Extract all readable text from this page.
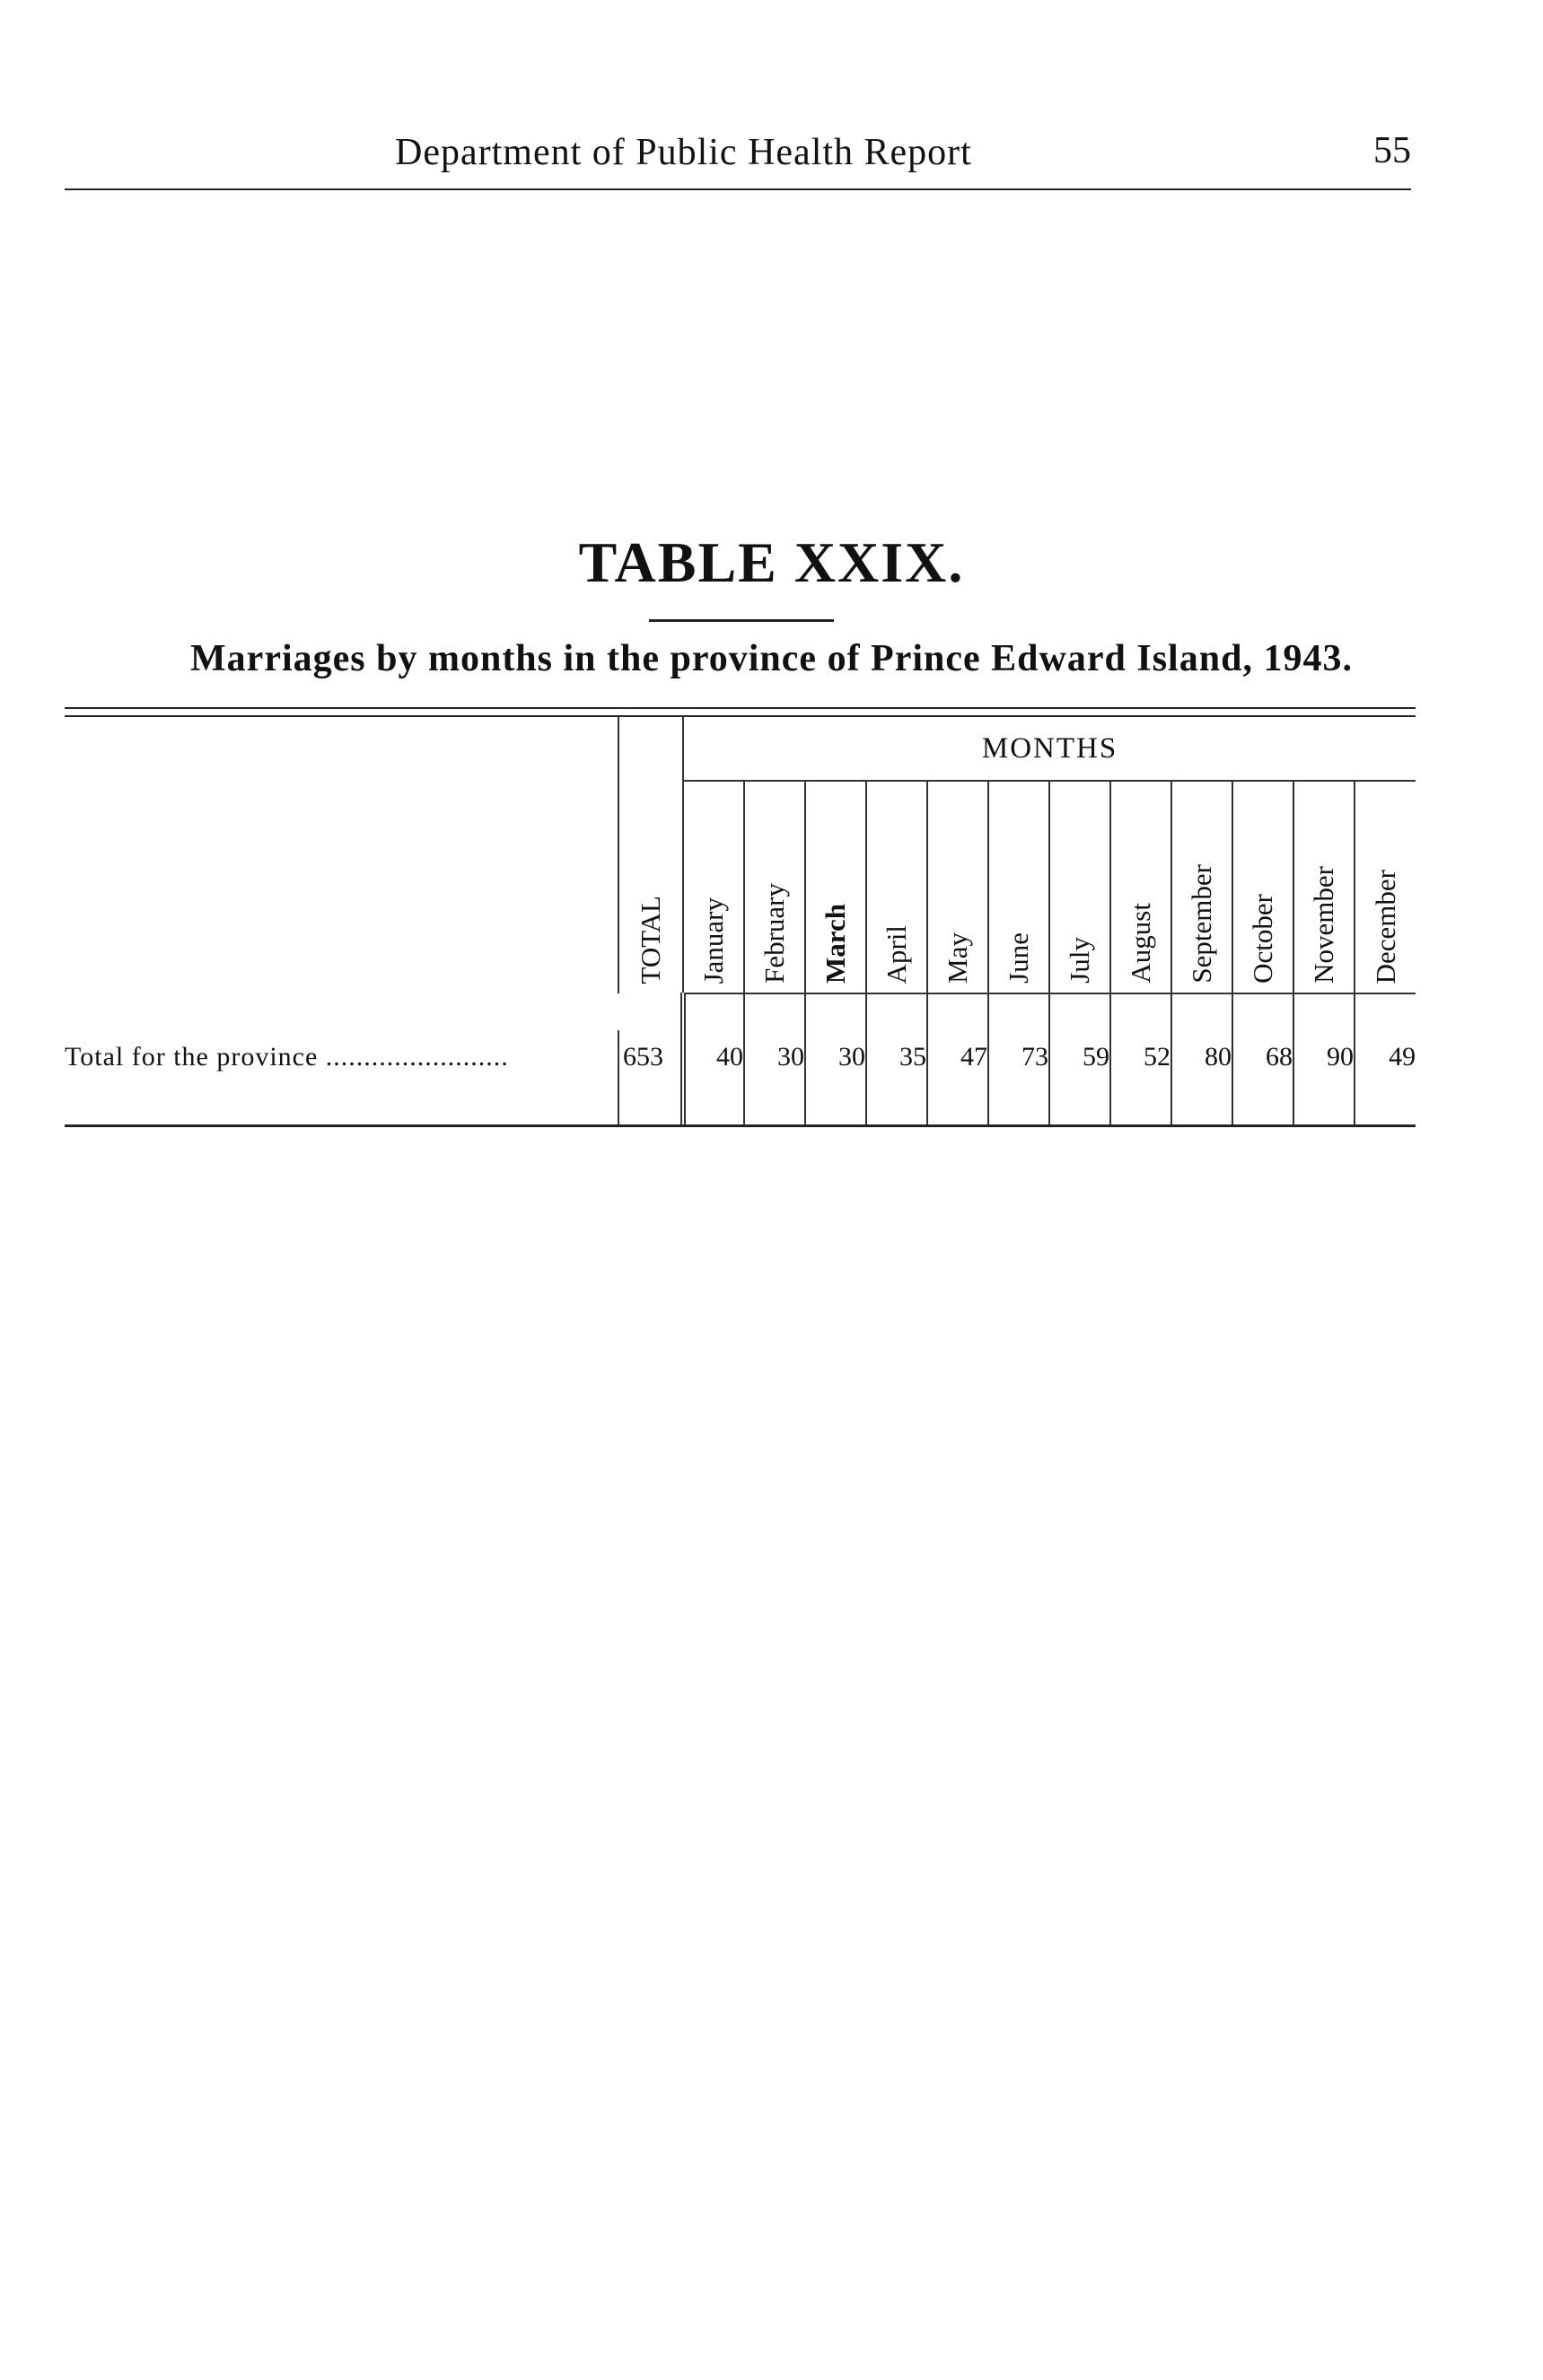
Department of Public Health Report	55
TABLE XXIX.
Marriages by months in the province of Prince Edward Island, 1943.

	TOTAL	MONTHS											

		January	February	March	April	May	June	July	August	September	October	November	December

Total for the province ........................	653	40	30	30	35	47	73	59	52	80	68	90	49
